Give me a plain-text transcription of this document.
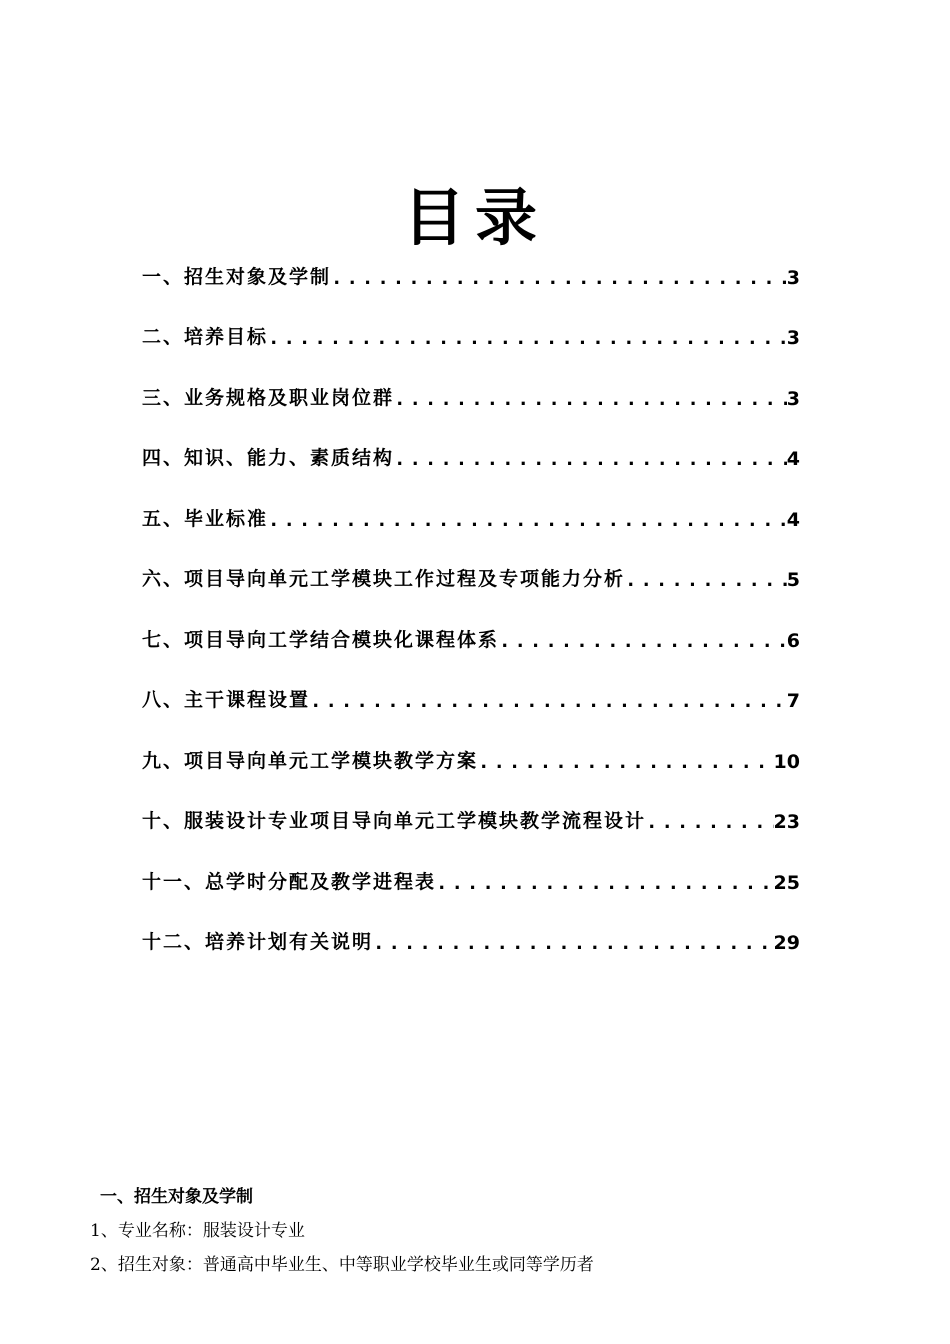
目录
一、招生对象及学制 .....	3
二、培养目标 .....	3
三、业务规格及职业岗位群 .....	3
四、知识、能力、素质结构 .....	4
五、毕业标准 .....	4
六、项目导向单元工学模块工作过程及专项能力分析 .....	5
七、项目导向工学结合模块化课程体系 .....	6
八、主干课程设置 .....	7
九、项目导向单元工学模块教学方案 .....	10
十、服装设计专业项目导向单元工学模块教学流程设计 .....	23
十一、总学时分配及教学进程表 .....	25
十二、培养计划有关说明 .....	29
一、招生对象及学制
1、专业名称：服装设计专业
2、招生对象：普通高中毕业生、中等职业学校毕业生或同等学历者
